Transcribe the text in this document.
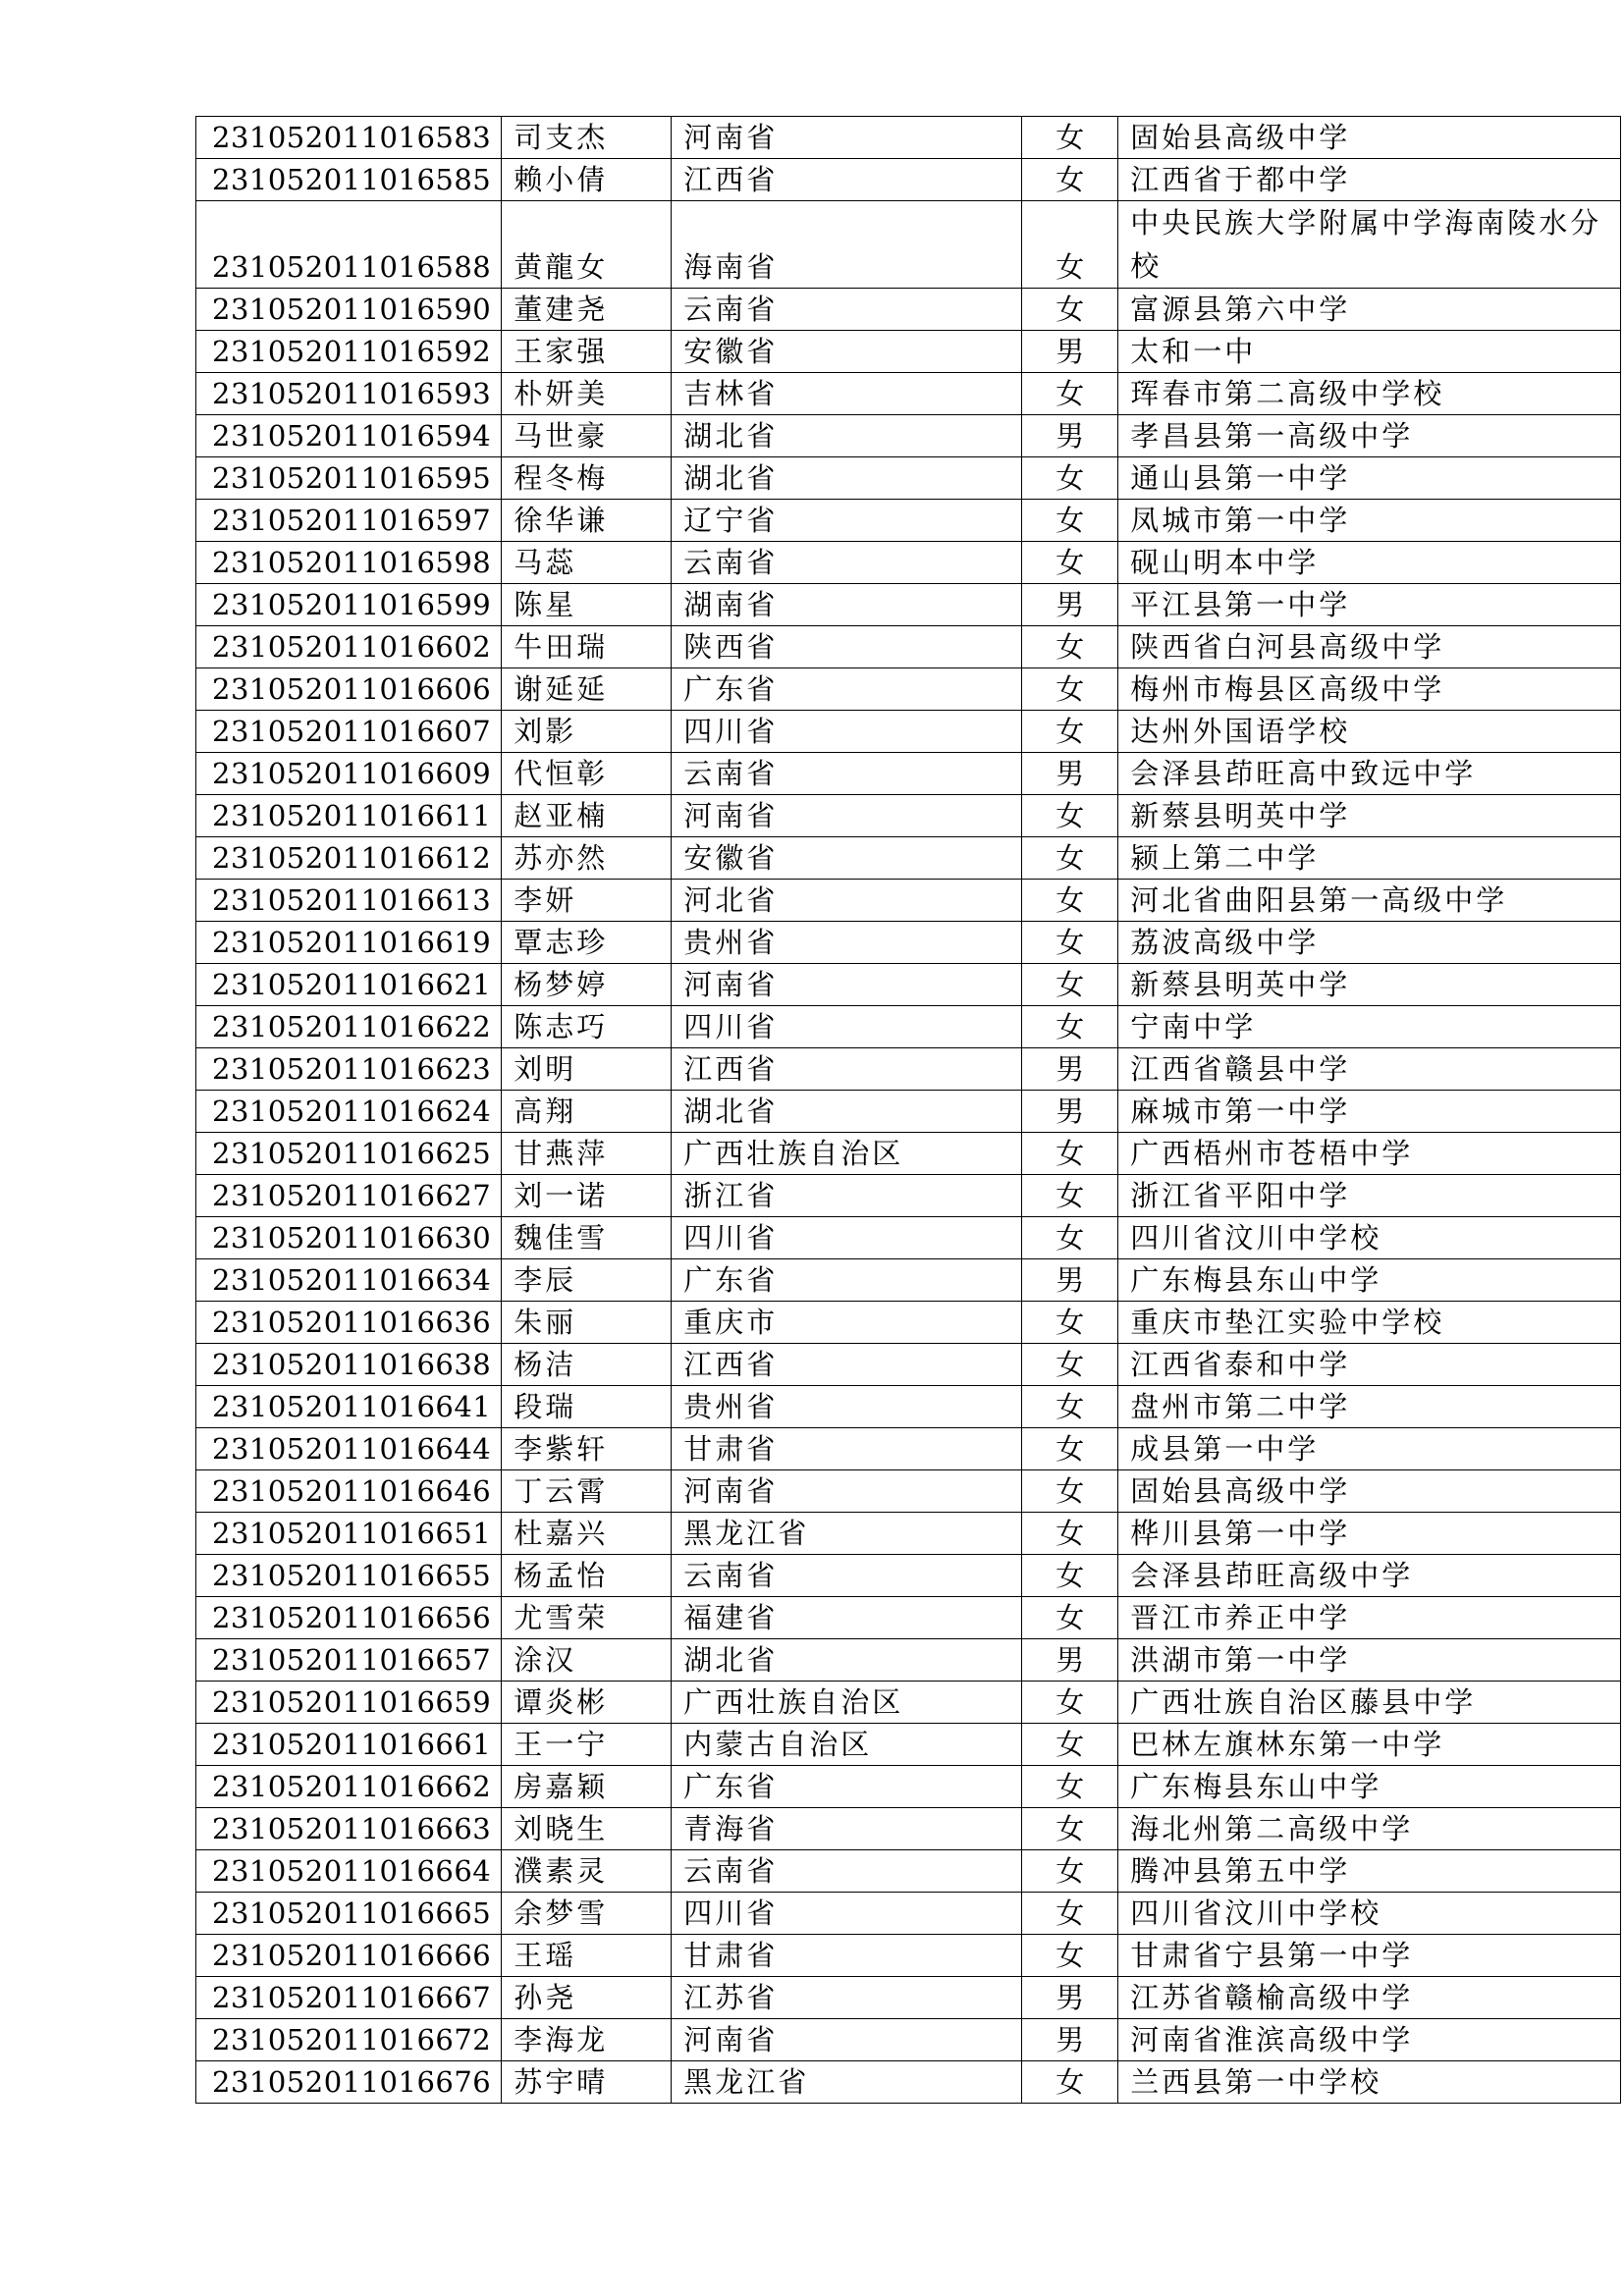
231052011016583	司支杰	河南省	女	固始县高级中学
231052011016585	赖小倩	江西省	女	江西省于都中学
231052011016588	黄龍女	海南省	女	中央民族大学附属中学海南陵水分校
231052011016590	董建尧	云南省	女	富源县第六中学
231052011016592	王家强	安徽省	男	太和一中
231052011016593	朴妍美	吉林省	女	珲春市第二高级中学校
231052011016594	马世豪	湖北省	男	孝昌县第一高级中学
231052011016595	程冬梅	湖北省	女	通山县第一中学
231052011016597	徐华谦	辽宁省	女	凤城市第一中学
231052011016598	马蕊	云南省	女	砚山明本中学
231052011016599	陈星	湖南省	男	平江县第一中学
231052011016602	牛田瑞	陕西省	女	陕西省白河县高级中学
231052011016606	谢延延	广东省	女	梅州市梅县区高级中学
231052011016607	刘影	四川省	女	达州外国语学校
231052011016609	代恒彰	云南省	男	会泽县茚旺高中致远中学
231052011016611	赵亚楠	河南省	女	新蔡县明英中学
231052011016612	苏亦然	安徽省	女	颍上第二中学
231052011016613	李妍	河北省	女	河北省曲阳县第一高级中学
231052011016619	覃志珍	贵州省	女	荔波高级中学
231052011016621	杨梦婷	河南省	女	新蔡县明英中学
231052011016622	陈志巧	四川省	女	宁南中学
231052011016623	刘明	江西省	男	江西省赣县中学
231052011016624	高翔	湖北省	男	麻城市第一中学
231052011016625	甘燕萍	广西壮族自治区	女	广西梧州市苍梧中学
231052011016627	刘一诺	浙江省	女	浙江省平阳中学
231052011016630	魏佳雪	四川省	女	四川省汶川中学校
231052011016634	李辰	广东省	男	广东梅县东山中学
231052011016636	朱丽	重庆市	女	重庆市垫江实验中学校
231052011016638	杨洁	江西省	女	江西省泰和中学
231052011016641	段瑞	贵州省	女	盘州市第二中学
231052011016644	李紫轩	甘肃省	女	成县第一中学
231052011016646	丁云霄	河南省	女	固始县高级中学
231052011016651	杜嘉兴	黑龙江省	女	桦川县第一中学
231052011016655	杨孟怡	云南省	女	会泽县茚旺高级中学
231052011016656	尤雪荣	福建省	女	晋江市养正中学
231052011016657	涂汉	湖北省	男	洪湖市第一中学
231052011016659	谭炎彬	广西壮族自治区	女	广西壮族自治区藤县中学
231052011016661	王一宁	内蒙古自治区	女	巴林左旗林东第一中学
231052011016662	房嘉颖	广东省	女	广东梅县东山中学
231052011016663	刘晓生	青海省	女	海北州第二高级中学
231052011016664	濮素灵	云南省	女	腾冲县第五中学
231052011016665	余梦雪	四川省	女	四川省汶川中学校
231052011016666	王瑶	甘肃省	女	甘肃省宁县第一中学
231052011016667	孙尧	江苏省	男	江苏省赣榆高级中学
231052011016672	李海龙	河南省	男	河南省淮滨高级中学
231052011016676	苏宇晴	黑龙江省	女	兰西县第一中学校
